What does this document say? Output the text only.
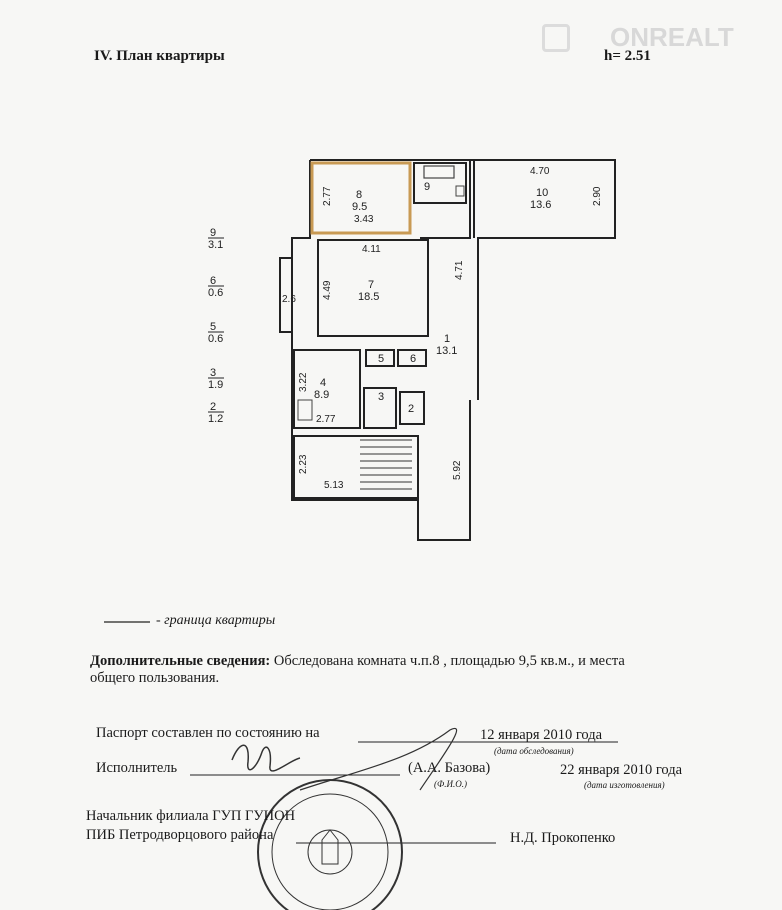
IV. План квартиры	h= 2.51
ONREALT
8
9.5
9	10
13.6
7
18.5
1
13.1
4
8.9
5 6
3
2
2.77
3.43
4.70
2.90
4.11
4.49
2.6
4.71
3.22
2.77
2.23
5.13
5.92
9
3.1
6
0.6
5
0.6
3
1.9
2
1.2
- граница квартиры
Дополнительные сведения: Обследована комната ч.п.8 , площадью 9,5 кв.м., и места
общего пользования.
Паспорт составлен по состоянию на	12 января 2010 года
(дата обследования)
Исполнитель	(А.А. Базова)
(Ф.И.О.)
22 января 2010 года
(дата изготовления)
Начальник филиала ГУП ГУИОН
ПИБ Петродворцового района	Н.Д. Прокопенко
